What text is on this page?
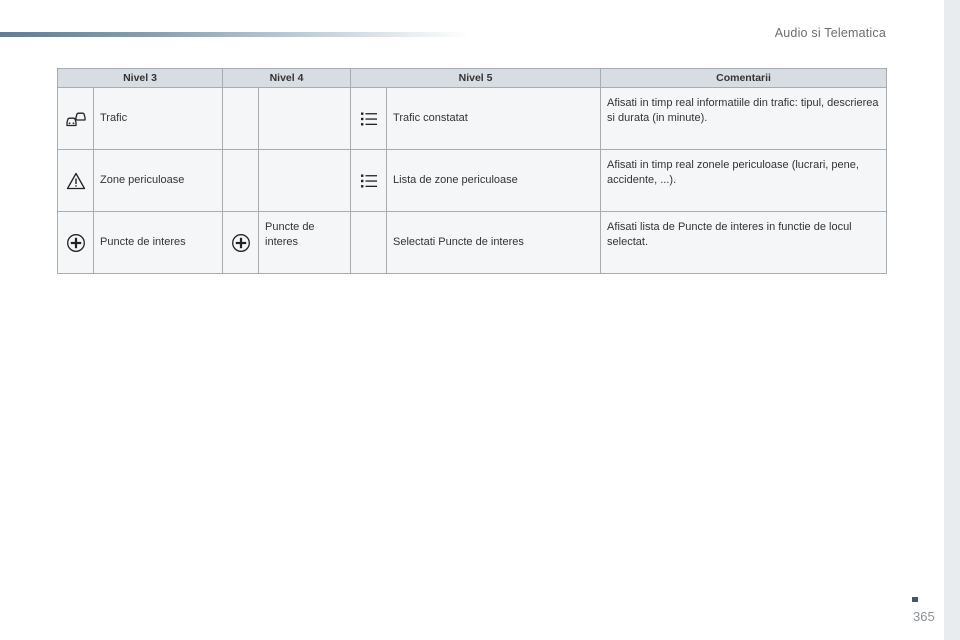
Audio si Telematica
Nivel 3		Nivel 4		Nivel 5		Comentarii
	Trafic				Trafic constatat	Afisati in timp real informatiile din trafic: tipul, descrierea si durata (in minute).
	Zone periculoase				Lista de zone periculoase	Afisati in timp real zonele periculoase (lucrari, pene, accidente, ...).
	Puncte de interes		Puncte de interes		Selectati Puncte de interes	Afisati lista de Puncte de interes in functie de locul selectat.
365
